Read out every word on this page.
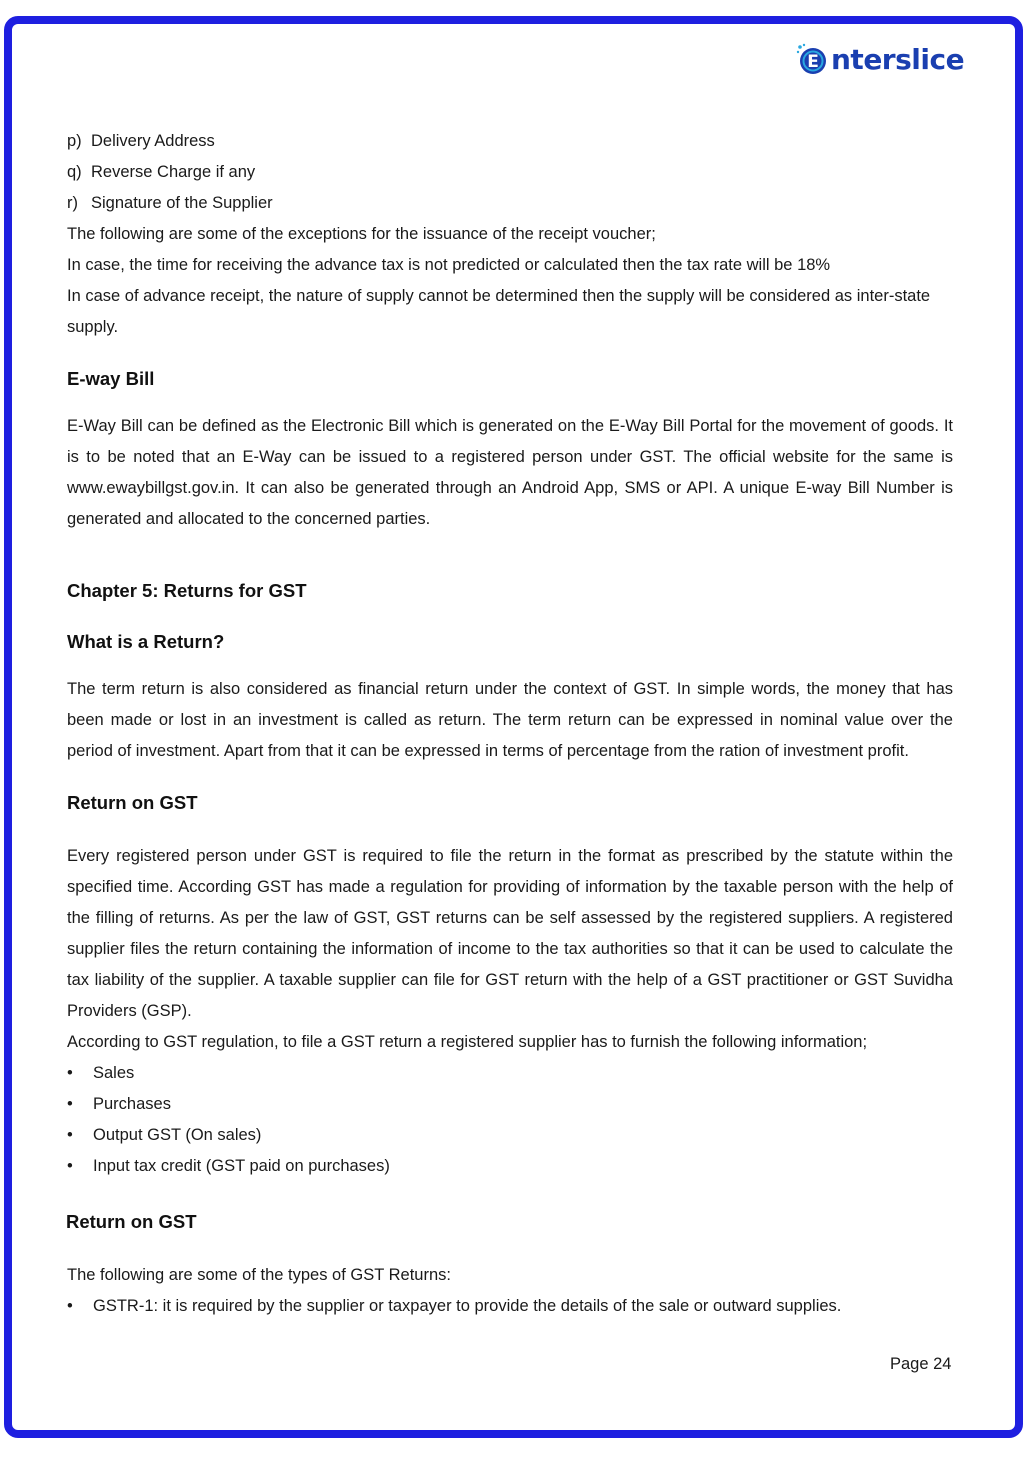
E nterslice
p) Delivery Address
q) Reverse Charge if any
r) Signature of the Supplier
The following are some of the exceptions for the issuance of the receipt voucher;
In case, the time for receiving the advance tax is not predicted or calculated then the tax rate will be 18%
In case of advance receipt, the nature of supply cannot be determined then the supply will be considered as inter-state supply.
E-way Bill
E-Way Bill can be defined as the Electronic Bill which is generated on the E-Way Bill Portal for the movement of goods. It is to be noted that an E-Way can be issued to a registered person under GST. The official website for the same is www.ewaybillgst.gov.in. It can also be generated through an Android App, SMS or API. A unique E-way Bill Number is generated and allocated to the concerned parties.
Chapter 5: Returns for GST
What is a Return?
The term return is also considered as financial return under the context of GST. In simple words, the money that has been made or lost in an investment is called as return. The term return can be expressed in nominal value over the period of investment. Apart from that it can be expressed in terms of percentage from the ration of investment profit.
Return on GST
Every registered person under GST is required to file the return in the format as prescribed by the statute within the specified time. According GST has made a regulation for providing of information by the taxable person with the help of the filling of returns. As per the law of GST, GST returns can be self assessed by the registered suppliers. A registered supplier files the return containing the information of income to the tax authorities so that it can be used to calculate the tax liability of the supplier. A taxable supplier can file for GST return with the help of a GST practitioner or GST Suvidha Providers (GSP).
According to GST regulation, to file a GST return a registered supplier has to furnish the following information;
•	Sales
•	Purchases
•	Output GST (On sales)
•	Input tax credit (GST paid on purchases)
Return on GST
The following are some of the types of GST Returns:
•	GSTR-1: it is required by the supplier or taxpayer to provide the details of the sale or outward supplies.
Page 24
